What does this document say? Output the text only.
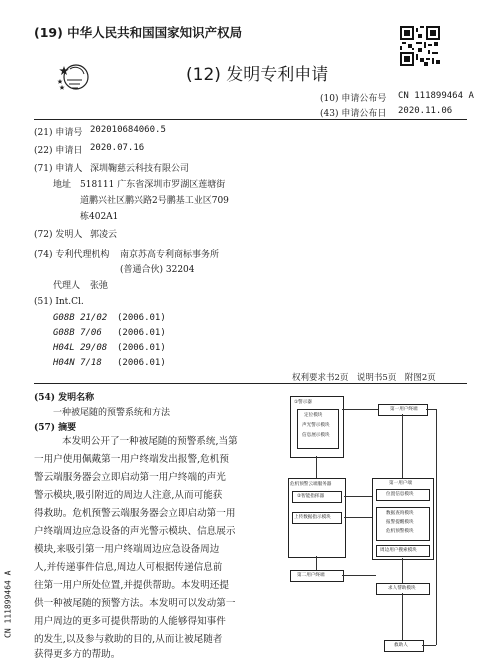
(19) 中华人民共和国国家知识产权局
(12) 发明专利申请
(10) 申请公布号 CN 111899464 A
(43) 申请公布日 2020.11.06
(21) 申请号 202010684060.5
(22) 申请日 2020.07.16
(71) 申请人 深圳鞠慈云科技有限公司
地址 518111 广东省深圳市罗湖区莲塘街
道鹏兴社区鹏兴路2号鹏基工业区709
栋402A1
(72) 发明人 郭凌云
(74) 专利代理机构 南京苏高专利商标事务所
(普通合伙) 32204
代理人 张弛
(51) Int.Cl.
G08B 21/02 (2006.01)
G08B 7/06 (2006.01)
H04L 29/08 (2006.01)
H04N 7/18 (2006.01)
权利要求书2页　说明书5页　附图2页
(54) 发明名称
一种被尾随的预警系统和方法
(57) 摘要
本发明公开了一种被尾随的预警系统,当第
一用户使用佩戴第一用户终端发出报警,危机预
警云端服务器会立即启动第一用户终端的声光
警示模块,吸引附近的周边人注意,从而可能获
得救助。危机预警云端服务器会立即启动第一用
户终端周边应急设备的声光警示模块、信息展示
模块,来吸引第一用户终端周边应急设备周边
人,并传递事件信息,周边人可根据传递信息前
往第一用户所处位置,并提供帮助。本发明还提
供一种被尾随的预警方法。本发明可以发动第一
用户周边的更多可提供帮助的人能够得知事件
的发生,以及参与救助的目的,从而让被尾随者
获得更多方的帮助。
CN 111899464 A
①警示器
定位模块
声光警示模块
信息展示模块
危机预警云端服务器
②智能指挥器
上传数据指示模块
第二用户终端
第一用户终端
第一用户端
位置信息模块
数据查询模块
报警提醒模块
危机预警模块
周边用户搜索模块
求人帮助模块
救助人
